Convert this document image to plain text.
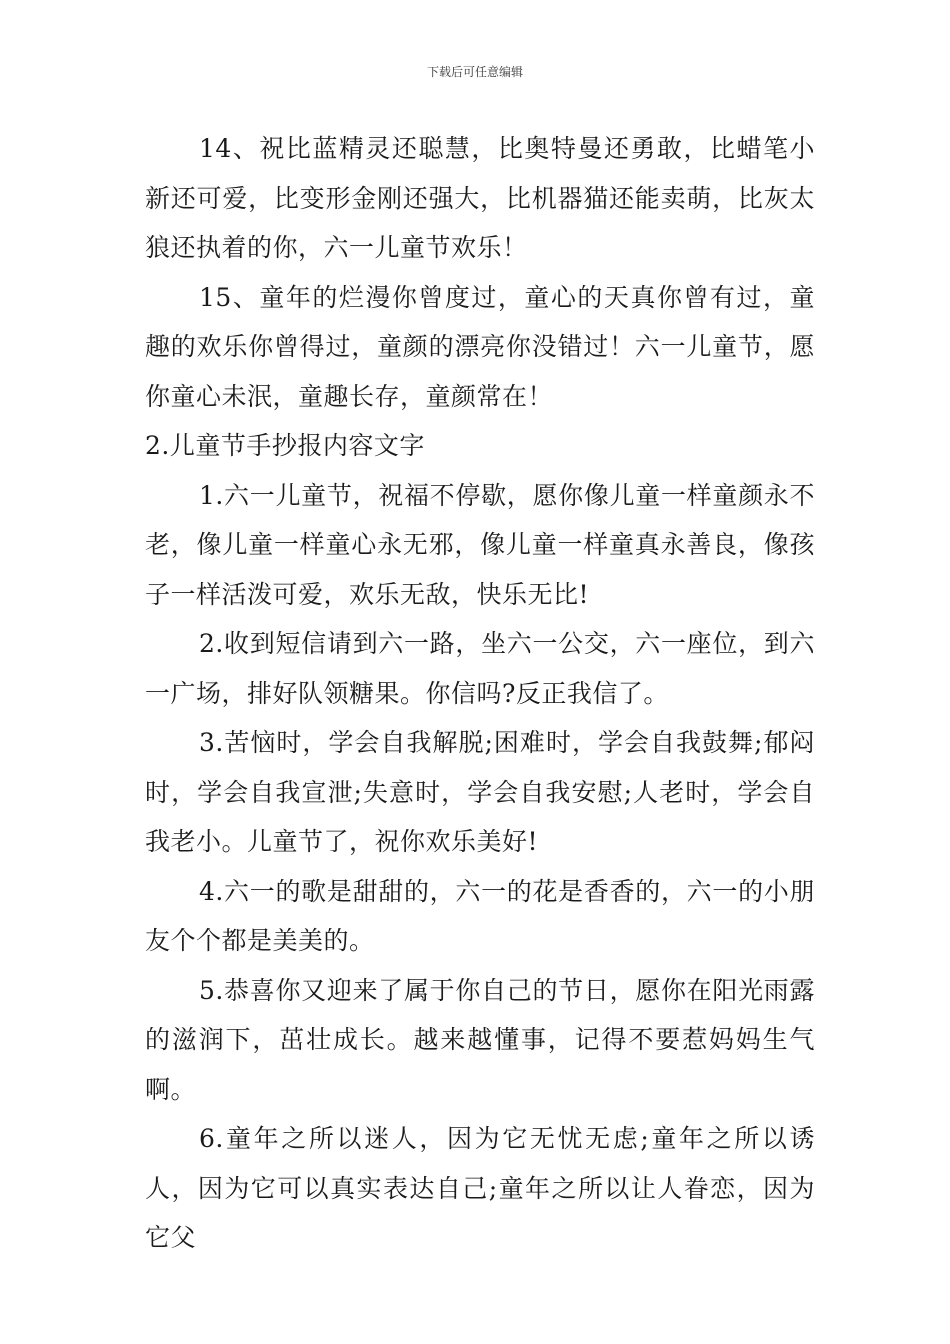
下载后可任意编辑

14、祝比蓝精灵还聪慧，比奥特曼还勇敢，比蜡笔小新还可爱，比变形金刚还强大，比机器猫还能卖萌，比灰太狼还执着的你，六一儿童节欢乐！

15、童年的烂漫你曾度过，童心的天真你曾有过，童趣的欢乐你曾得过，童颜的漂亮你没错过！六一儿童节，愿你童心未泯，童趣长存，童颜常在！

2.儿童节手抄报内容文字

1.六一儿童节，祝福不停歇，愿你像儿童一样童颜永不老，像儿童一样童心永无邪，像儿童一样童真永善良，像孩子一样活泼可爱，欢乐无敌，快乐无比!

2.收到短信请到六一路，坐六一公交，六一座位，到六一广场，排好队领糖果。你信吗?反正我信了。

3.苦恼时，学会自我解脱;困难时，学会自我鼓舞;郁闷时，学会自我宣泄;失意时，学会自我安慰;人老时，学会自我老小。儿童节了，祝你欢乐美好!

4.六一的歌是甜甜的，六一的花是香香的，六一的小朋友个个都是美美的。

5.恭喜你又迎来了属于你自己的节日，愿你在阳光雨露的滋润下，茁壮成长。越来越懂事，记得不要惹妈妈生气啊。

6.童年之所以迷人，因为它无忧无虑;童年之所以诱人，因为它可以真实表达自己;童年之所以让人眷恋，因为它父
